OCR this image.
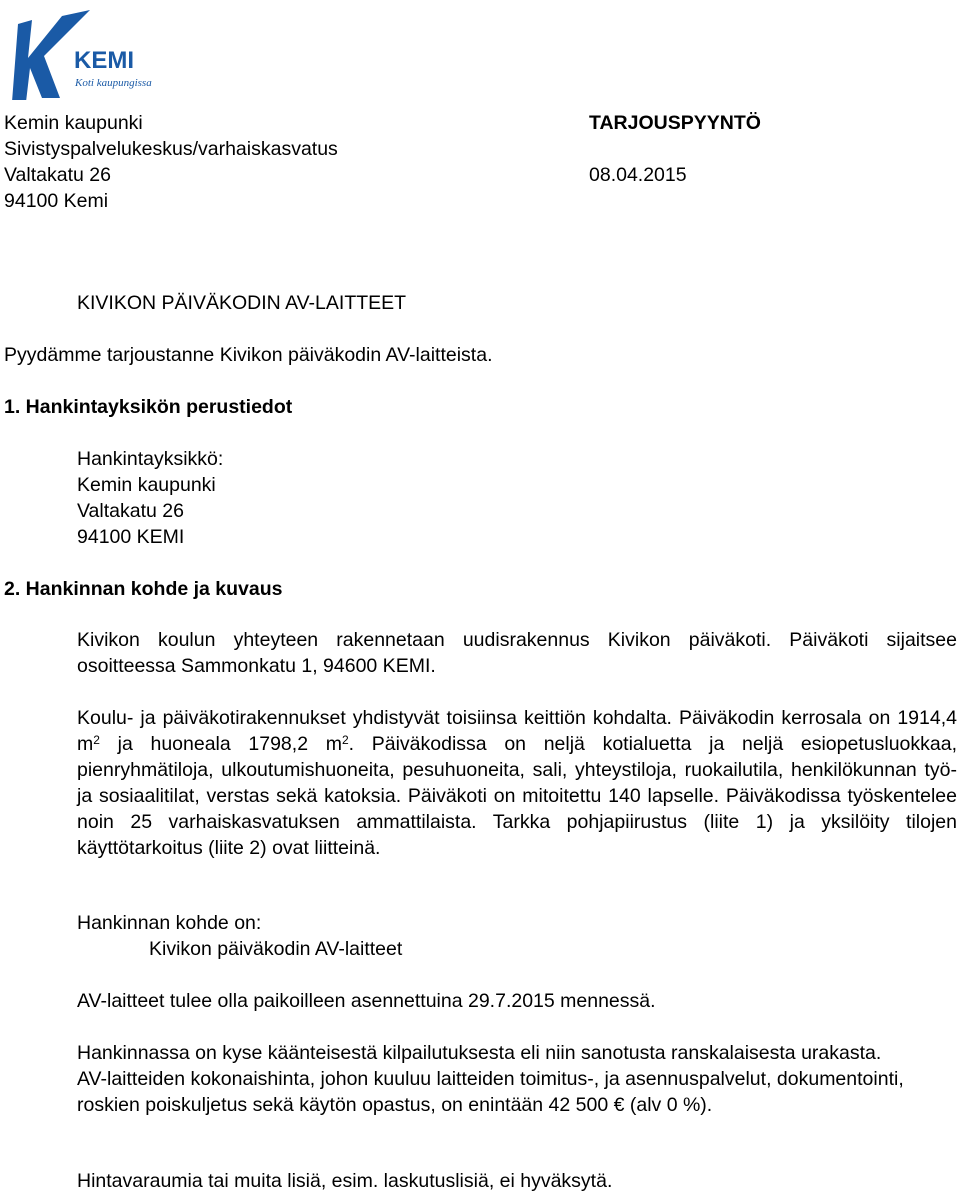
KEMI
Koti kaupungissa
Kemin kaupunki
Sivistyspalvelukeskus/varhaiskasvatus
Valtakatu 26
94100 Kemi
TARJOUSPYYNTÖ
08.04.2015
KIVIKON PÄIVÄKODIN AV-LAITTEET
Pyydämme tarjoustanne Kivikon päiväkodin AV-laitteista.
1. Hankintayksikön perustiedot
Hankintayksikkö:
Kemin kaupunki
Valtakatu 26
94100 KEMI
2. Hankinnan kohde ja kuvaus
Kivikon koulun yhteyteen rakennetaan uudisrakennus Kivikon päiväkoti. Päiväkoti sijaitsee osoitteessa Sammonkatu 1, 94600 KEMI.
Koulu- ja päiväkotirakennukset yhdistyvät toisiinsa keittiön kohdalta. Päiväkodin kerrosala on 1914,4 $m^2$ ja huoneala 1798,2 $m^2$. Päiväkodissa on neljä kotialuetta ja neljä esiopetusluokkaa, pienryhmätiloja, ulkoutumishuoneita, pesuhuoneita, sali, yhteystiloja, ruokailutila, henkilökunnan työ- ja sosiaalitilat, verstas sekä katoksia. Päiväkoti on mitoitettu 140 lapselle. Päiväkodissa työskentelee noin 25 varhaiskasvatuksen ammattilaista. Tarkka pohjapiirustus (liite 1) ja yksilöity tilojen käyttötarkoitus (liite 2) ovat liitteinä.
Hankinnan kohde on:
Kivikon päiväkodin AV-laitteet
AV-laitteet tulee olla paikoilleen asennettuina 29.7.2015 mennessä.
Hankinnassa on kyse käänteisestä kilpailutuksesta eli niin sanotusta ranskalaisesta urakasta. AV-laitteiden kokonaishinta, johon kuuluu laitteiden toimitus-, ja asennuspalvelut, dokumentointi, roskien poiskuljetus sekä käytön opastus, on enintään 42 500 € (alv 0 %).
Hintavaraumia tai muita lisiä, esim. laskutuslisiä, ei hyväksytä.
